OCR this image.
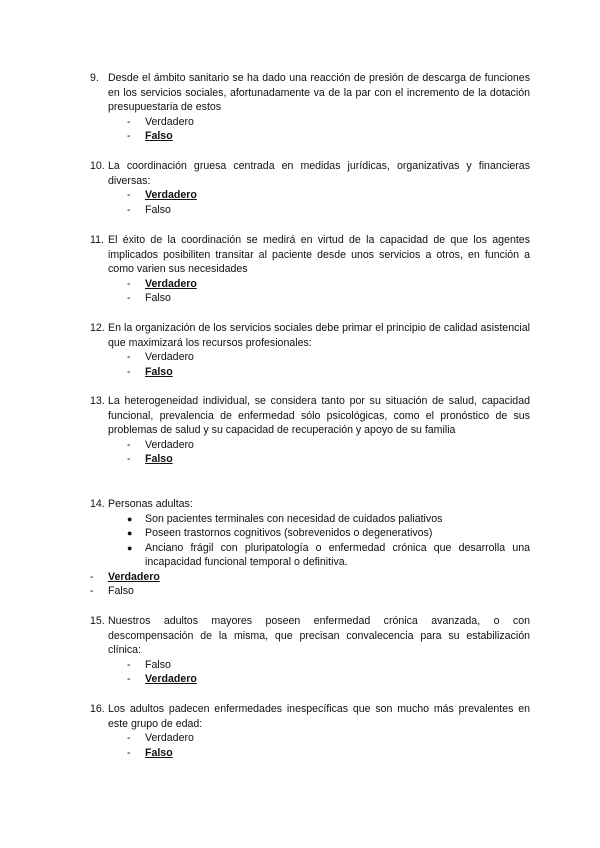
9. Desde el ámbito sanitario se ha dado una reacción de presión de descarga de funciones en los servicios sociales, afortunadamente va de la par con el incremento de la dotación presupuestaria de estos
- Verdadero
- Falso
10. La coordinación gruesa centrada en medidas jurídicas, organizativas y financieras diversas:
- Verdadero
- Falso
11. El éxito de la coordinación se medirá en virtud de la capacidad de que los agentes implicados posibiliten transitar al paciente desde unos servicios a otros, en función a como varien sus necesidades
- Verdadero
- Falso
12. En la organización de los servicios sociales debe primar el principio de calidad asistencial que maximizará los recursos profesionales:
- Verdadero
- Falso
13. La heterogeneidad individual, se considera tanto por su situación de salud, capacidad funcional, prevalencia de enfermedad sólo psicológicas, como el pronóstico de sus problemas de salud y su capacidad de recuperación y apoyo de su familia
- Verdadero
- Falso
14. Personas adultas:
● Son pacientes terminales con necesidad de cuidados paliativos
● Poseen trastornos cognitivos (sobrevenidos o degenerativos)
● Anciano frágil con pluripatología o enfermedad crónica que desarrolla una incapacidad funcional temporal o definitiva.
- Verdadero
- Falso
15. Nuestros adultos mayores poseen enfermedad crónica avanzada, o con descompensación de la misma, que precisan convalecencia para su estabilización clínica:
- Falso
- Verdadero
16. Los adultos padecen enfermedades inespecíficas que son mucho más prevalentes en este grupo de edad:
- Verdadero
- Falso
